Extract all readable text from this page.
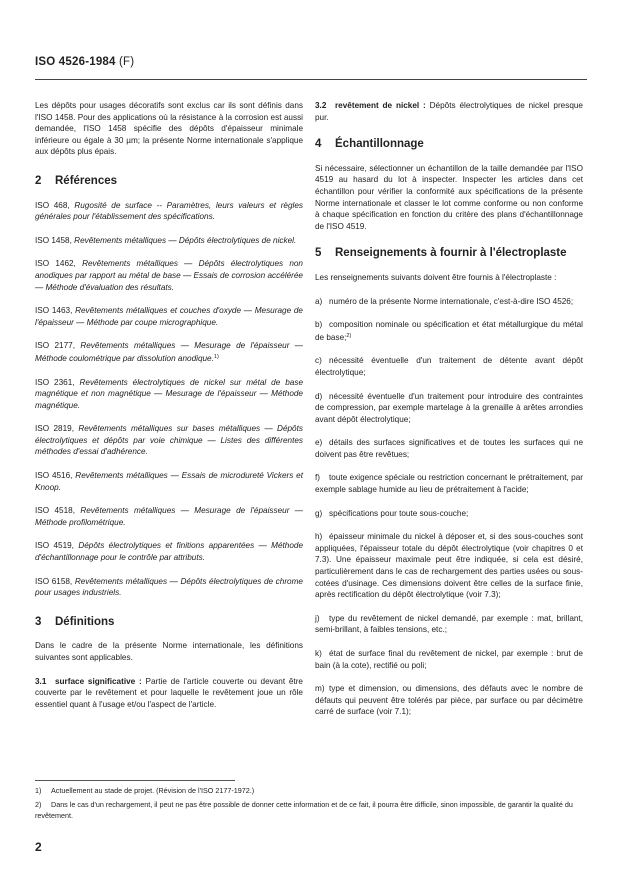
ISO 4526-1984 (F)

Les dépôts pour usages décoratifs sont exclus car ils sont définis dans l'ISO 1458. Pour des applications où la résistance à la corrosion est aussi demandée, l'ISO 1458 spécifie des dépôts d'épaisseur minimale inférieure ou égale à 30 µm; la présente Norme internationale s'applique aux dépôts plus épais.

2 Références

ISO 468, Rugosité de surface -- Paramètres, leurs valeurs et règles générales pour l'établissement des spécifications.

ISO 1458, Revêtements métalliques — Dépôts électrolytiques de nickel.

ISO 1462, Revêtements métalliques — Dépôts électrolytiques non anodiques par rapport au métal de base — Essais de corrosion accélérée — Méthode d'évaluation des résultats.

ISO 1463, Revêtements métalliques et couches d'oxyde — Mesurage de l'épaisseur — Méthode par coupe micrographique.

ISO 2177, Revêtements métalliques — Mesurage de l'épaisseur — Méthode coulométrique par dissolution anodique.$^{1)}$

ISO 2361, Revêtements électrolytiques de nickel sur métal de base magnétique et non magnétique — Mesurage de l'épaisseur — Méthode magnétique.

ISO 2819, Revêtements métalliques sur bases métalliques — Dépôts électrolytiques et dépôts par voie chimique — Listes des différentes méthodes d'essai d'adhérence.

ISO 4516, Revêtements métalliques — Essais de microdureté Vickers et Knoop.

ISO 4518, Revêtements métalliques — Mesurage de l'épaisseur — Méthode profilométrique.

ISO 4519, Dépôts électrolytiques et finitions apparentées — Méthode d'échantillonnage pour le contrôle par attributs.

ISO 6158, Revêtements métalliques — Dépôts électrolytiques de chrome pour usages industriels.

3 Définitions

Dans le cadre de la présente Norme internationale, les définitions suivantes sont applicables.

3.1 surface significative : Partie de l'article couverte ou devant être couverte par le revêtement et pour laquelle le revêtement joue un rôle essentiel quant à l'usage et/ou l'aspect de l'article.

3.2 revêtement de nickel : Dépôts électrolytiques de nickel presque pur.

4 Échantillonnage

Si nécessaire, sélectionner un échantillon de la taille demandée par l'ISO 4519 au hasard du lot à inspecter. Inspecter les articles dans cet échantillon pour vérifier la conformité aux spécifications de la présente Norme internationale et classer le lot comme conforme ou non conforme à chaque spécification en fonction du critère des plans d'échantillonnage de l'ISO 4519.

5 Renseignements à fournir à l'électroplaste

Les renseignements suivants doivent être fournis à l'électroplaste :

a) numéro de la présente Norme internationale, c'est-à-dire ISO 4526;
b) composition nominale ou spécification et état métallurgique du métal de base;$^{2)}$
c) nécessité éventuelle d'un traitement de détente avant dépôt électrolytique;
d) nécessité éventuelle d'un traitement pour introduire des contraintes de compression, par exemple martelage à la grenaille à arêtes arrondies avant dépôt électrolytique;
e) détails des surfaces significatives et de toutes les surfaces qui ne doivent pas être revêtues;
f) toute exigence spéciale ou restriction concernant le prétraitement, par exemple sablage humide au lieu de prétraitement à l'acide;
g) spécifications pour toute sous-couche;
h) épaisseur minimale du nickel à déposer et, si des sous-couches sont appliquées, l'épaisseur totale du dépôt électrolytique (voir chapitres 0 et 7.3). Une épaisseur maximale peut être indiquée, si cela est désiré, particulièrement dans le cas de rechargement des parties usées ou sous-cotées d'usinage. Ces dimensions doivent être celles de la surface finie, après rectification du dépôt électrolytique (voir 7.3);
j) type du revêtement de nickel demandé, par exemple : mat, brillant, semi-brillant, à faibles tensions, etc.;
k) état de surface final du revêtement de nickel, par exemple : brut de bain (à la cote), rectifié ou poli;
m) type et dimension, ou dimensions, des défauts avec le nombre de défauts qui peuvent être tolérés par pièce, par surface ou par décimètre carré de surface (voir 7.1);
1) Actuellement au stade de projet. (Révision de l'ISO 2177-1972.)
2) Dans le cas d'un rechargement, il peut ne pas être possible de donner cette information et de ce fait, il pourra être difficile, sinon impossible, de garantir la qualité du revêtement.
2
